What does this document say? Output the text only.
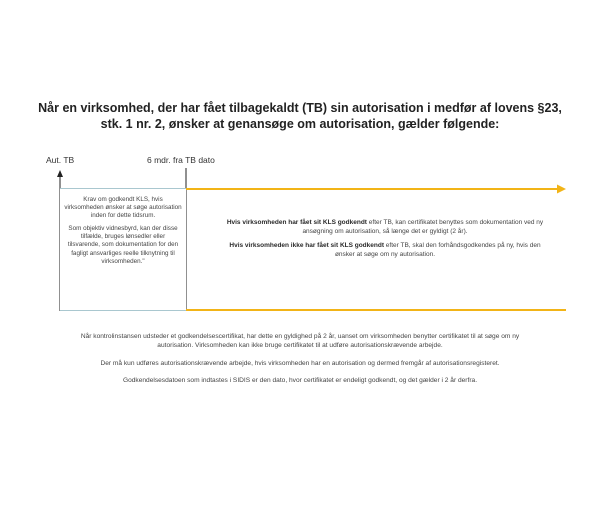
Når en virksomhed, der har fået tilbagekaldt (TB) sin autorisation i medfør af lovens §23,
stk. 1 nr. 2, ønsker at genansøge om autorisation, gælder følgende:
Aut. TB	6 mdr. fra TB dato

Krav om godkendt KLS, hvis virksomheden ønsker at søge autorisation inden for dette tidsrum.

Som objektiv vidnesbyrd, kan der disse tilfælde, bruges lønsedler eller tilsvarende, som dokumentation for den fagligt ansvarliges reelle tilknytning til virksomheden."

Hvis virksomheden har fået sit KLS godkendt efter TB, kan certifikatet benyttes som dokumentation ved ny ansøgning om autorisation, så længe det er gyldigt (2 år).

Hvis virksomheden ikke har fået sit KLS godkendt efter TB, skal den forhåndsgodkendes på ny, hvis den ønsker at søge om ny autorisation.

Når kontrolinstansen udsteder et godkendelsescertifikat, har dette en gyldighed på 2 år, uanset om virksomheden benytter certifikatet til at søge om ny autorisation. Virksomheden kan ikke bruge certifikatet til at udføre autorisationskrævende arbejde.

Der må kun udføres autorisationskrævende arbejde, hvis virksomheden har en autorisation og dermed fremgår af autorisationsregisteret.

Godkendelsesdatoen som indtastes i SIDIS er den dato, hvor certifikatet er endeligt godkendt, og det gælder i 2 år derfra.
